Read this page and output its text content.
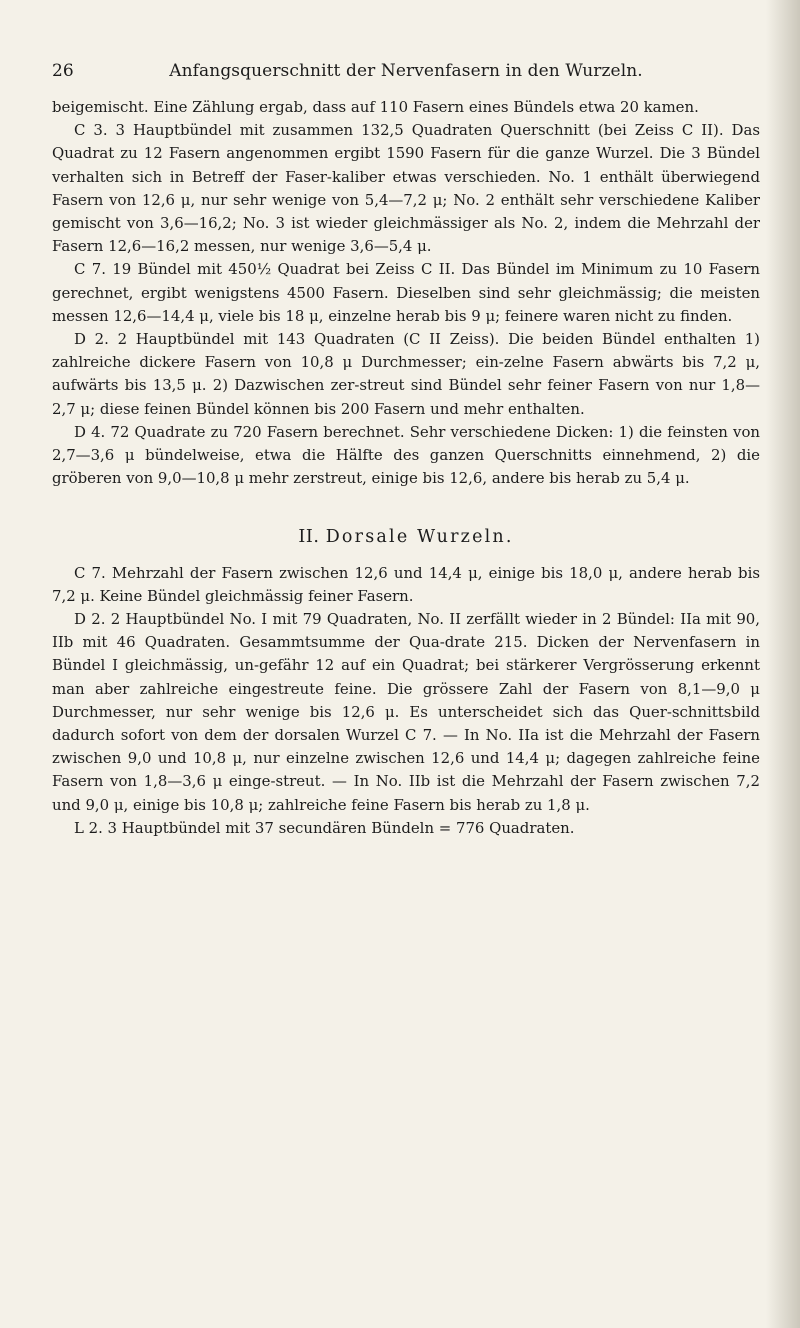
26	Anfangsquerschnitt der Nervenfasern in den Wurzeln.

beigemischt. Eine Zählung ergab, dass auf 110 Fasern eines Bündels etwa 20 kamen.

C 3. 3 Hauptbündel mit zusammen 132,5 Quadraten Querschnitt (bei Zeiss C II). Das Quadrat zu 12 Fasern angenommen ergibt 1590 Fasern für die ganze Wurzel. Die 3 Bündel verhalten sich in Betreff der Faser-kaliber etwas verschieden. No. 1 enthält überwiegend Fasern von 12,6 μ, nur sehr wenige von 5,4—7,2 μ; No. 2 enthält sehr verschiedene Kaliber gemischt von 3,6—16,2; No. 3 ist wieder gleichmässiger als No. 2, indem die Mehrzahl der Fasern 12,6—16,2 messen, nur wenige 3,6—5,4 μ.

C 7. 19 Bündel mit 450½ Quadrat bei Zeiss C II. Das Bündel im Minimum zu 10 Fasern gerechnet, ergibt wenigstens 4500 Fasern. Dieselben sind sehr gleichmässig; die meisten messen 12,6—14,4 μ, viele bis 18 μ, einzelne herab bis 9 μ; feinere waren nicht zu finden.

D 2. 2 Hauptbündel mit 143 Quadraten (C II Zeiss). Die beiden Bündel enthalten 1) zahlreiche dickere Fasern von 10,8 μ Durchmesser; ein-zelne Fasern abwärts bis 7,2 μ, aufwärts bis 13,5 μ. 2) Dazwischen zer-streut sind Bündel sehr feiner Fasern von nur 1,8—2,7 μ; diese feinen Bündel können bis 200 Fasern und mehr enthalten.

D 4. 72 Quadrate zu 720 Fasern berechnet. Sehr verschiedene Dicken: 1) die feinsten von 2,7—3,6 μ bündelweise, etwa die Hälfte des ganzen Querschnitts einnehmend, 2) die gröberen von 9,0—10,8 μ mehr zerstreut, einige bis 12,6, andere bis herab zu 5,4 μ.

II. Dorsale Wurzeln.

C 7. Mehrzahl der Fasern zwischen 12,6 und 14,4 μ, einige bis 18,0 μ, andere herab bis 7,2 μ. Keine Bündel gleichmässig feiner Fasern.

D 2. 2 Hauptbündel No. I mit 79 Quadraten, No. II zerfällt wieder in 2 Bündel: IIa mit 90, IIb mit 46 Quadraten. Gesammtsumme der Qua-drate 215. Dicken der Nervenfasern in Bündel I gleichmässig, un-gefähr 12 auf ein Quadrat; bei stärkerer Vergrösserung erkennt man aber zahlreiche eingestreute feine. Die grössere Zahl der Fasern von 8,1—9,0 μ Durchmesser, nur sehr wenige bis 12,6 μ. Es unterscheidet sich das Quer-schnittsbild dadurch sofort von dem der dorsalen Wurzel C 7. — In No. IIa ist die Mehrzahl der Fasern zwischen 9,0 und 10,8 μ, nur einzelne zwischen 12,6 und 14,4 μ; dagegen zahlreiche feine Fasern von 1,8—3,6 μ einge-streut. — In No. IIb ist die Mehrzahl der Fasern zwischen 7,2 und 9,0 μ, einige bis 10,8 μ; zahlreiche feine Fasern bis herab zu 1,8 μ.

L 2. 3 Hauptbündel mit 37 secundären Bündeln = 776 Quadraten.
